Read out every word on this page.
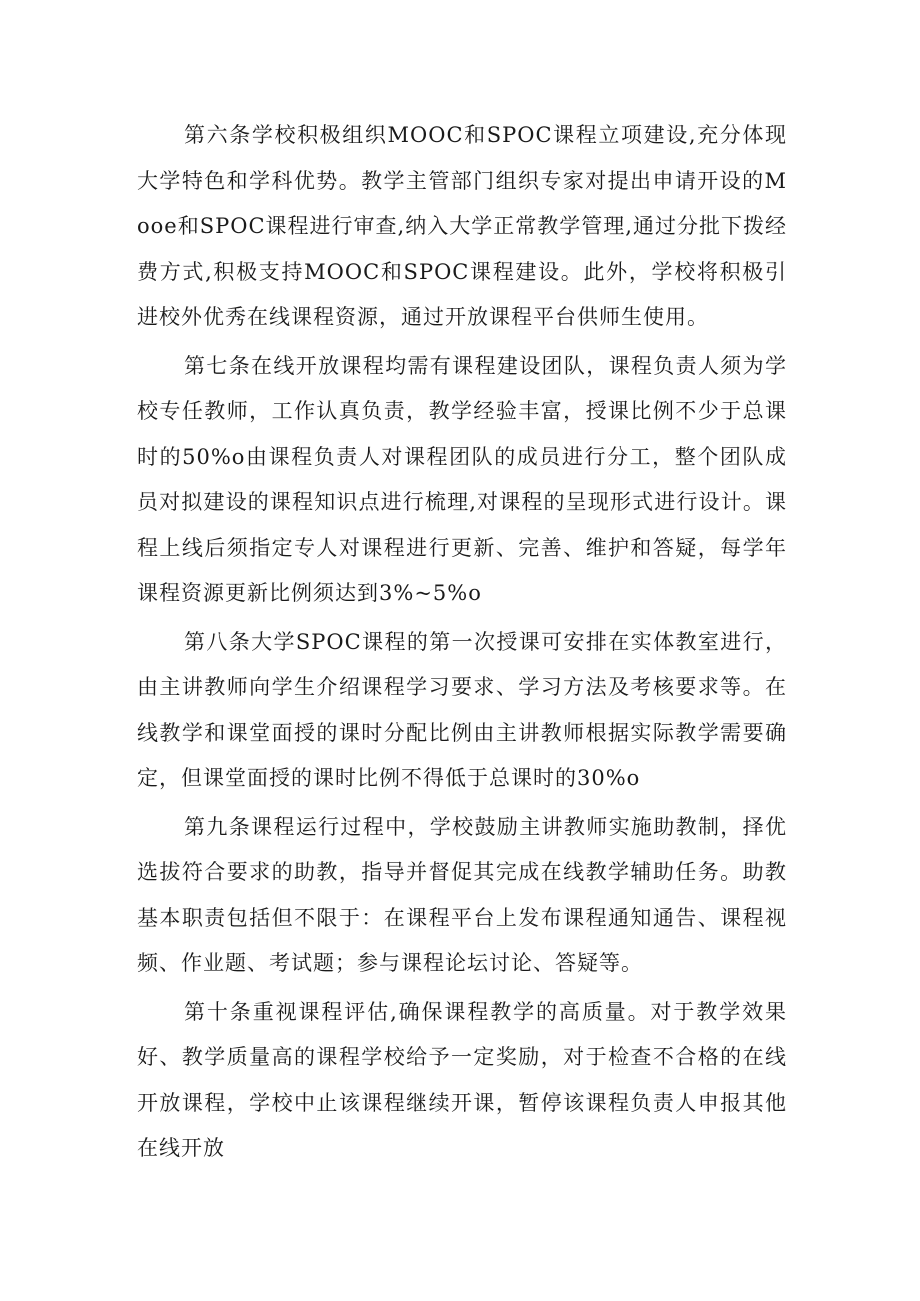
第六条学校积极组织MOOC和SPOC课程立项建设,充分体现大学特色和学科优势。教学主管部门组织专家对提出申请开设的Mooe和SPOC课程进行审查,纳入大学正常教学管理,通过分批下拨经费方式,积极支持MOOC和SPOC课程建设。此外，学校将积极引进校外优秀在线课程资源，通过开放课程平台供师生使用。

第七条在线开放课程均需有课程建设团队，课程负责人须为学校专任教师，工作认真负责，教学经验丰富，授课比例不少于总课时的50%o由课程负责人对课程团队的成员进行分工，整个团队成员对拟建设的课程知识点进行梳理,对课程的呈现形式进行设计。课程上线后须指定专人对课程进行更新、完善、维护和答疑，每学年课程资源更新比例须达到3%~5%o

第八条大学SPOC课程的第一次授课可安排在实体教室进行，由主讲教师向学生介绍课程学习要求、学习方法及考核要求等。在线教学和课堂面授的课时分配比例由主讲教师根据实际教学需要确定，但课堂面授的课时比例不得低于总课时的30%o

第九条课程运行过程中，学校鼓励主讲教师实施助教制，择优选拔符合要求的助教，指导并督促其完成在线教学辅助任务。助教基本职责包括但不限于：在课程平台上发布课程通知通告、课程视频、作业题、考试题；参与课程论坛讨论、答疑等。

第十条重视课程评估,确保课程教学的高质量。对于教学效果好、教学质量高的课程学校给予一定奖励，对于检查不合格的在线开放课程，学校中止该课程继续开课，暂停该课程负责人申报其他在线开放
